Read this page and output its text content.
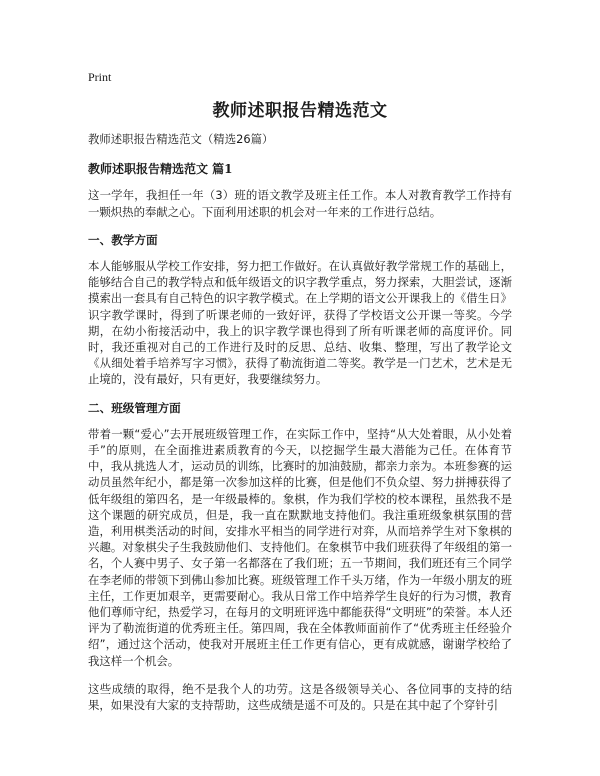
Print
教师述职报告精选范文

教师述职报告精选范文（精选26篇）

教师述职报告精选范文 篇1

这一学年，我担任一年（3）班的语文教学及班主任工作。本人对教育教学工作持有一颗炽热的奉献之心。下面利用述职的机会对一年来的工作进行总结。

一、教学方面

本人能够服从学校工作安排，努力把工作做好。在认真做好教学常规工作的基础上，能够结合自己的教学特点和低年级语文的识字教学重点，努力探索，大胆尝试，逐渐摸索出一套具有自己特色的识字教学模式。在上学期的语文公开课我上的《借生日》识字教学课时，得到了听课老师的一致好评，获得了学校语文公开课一等奖。今学期，在幼小衔接活动中，我上的识字教学课也得到了所有听课老师的高度评价。同时，我还重视对自己的工作进行及时的反思、总结、收集、整理，写出了教学论文《从细处着手培养写字习惯》，获得了勒流街道二等奖。教学是一门艺术，艺术是无止境的，没有最好，只有更好，我要继续努力。

二、班级管理方面

带着一颗“爱心”去开展班级管理工作，在实际工作中，坚持“从大处着眼，从小处着手”的原则，在全面推进素质教育的今天，以挖掘学生最大潜能为己任。在体育节中，我从挑选人才，运动员的训练，比赛时的加油鼓励，都亲力亲为。本班参赛的运动员虽然年纪小，都是第一次参加这样的比赛，但是他们不负众望、努力拼搏获得了低年级组的第四名，是一年级最棒的。象棋，作为我们学校的校本课程，虽然我不是这个课题的研究成员，但是，我一直在默默地支持他们。我注重班级象棋氛围的营造，利用棋类活动的时间，安排水平相当的同学进行对弈，从而培养学生对下象棋的兴趣。对象棋尖子生我鼓励他们、支持他们。在象棋节中我们班获得了年级组的第一名，个人赛中男子、女子第一名都落在了我们班；五一节期间，我们班还有三个同学在李老师的带领下到佛山参加比赛。班级管理工作千头万绪，作为一年级小朋友的班主任，工作更加艰辛，更需要耐心。我从日常工作中培养学生良好的行为习惯，教育他们尊师守纪，热爱学习，在每月的文明班评选中都能获得“文明班”的荣誉。本人还评为了勒流街道的优秀班主任。第四周，我在全体教师面前作了“优秀班主任经验介绍”，通过这个活动，使我对开展班主任工作更有信心，更有成就感，谢谢学校给了我这样一个机会。

这些成绩的取得，绝不是我个人的功劳。这是各级领导关心、各位同事的支持的结果，如果没有大家的支持帮助，这些成绩是遥不可及的。只是在其中起了个穿针引
